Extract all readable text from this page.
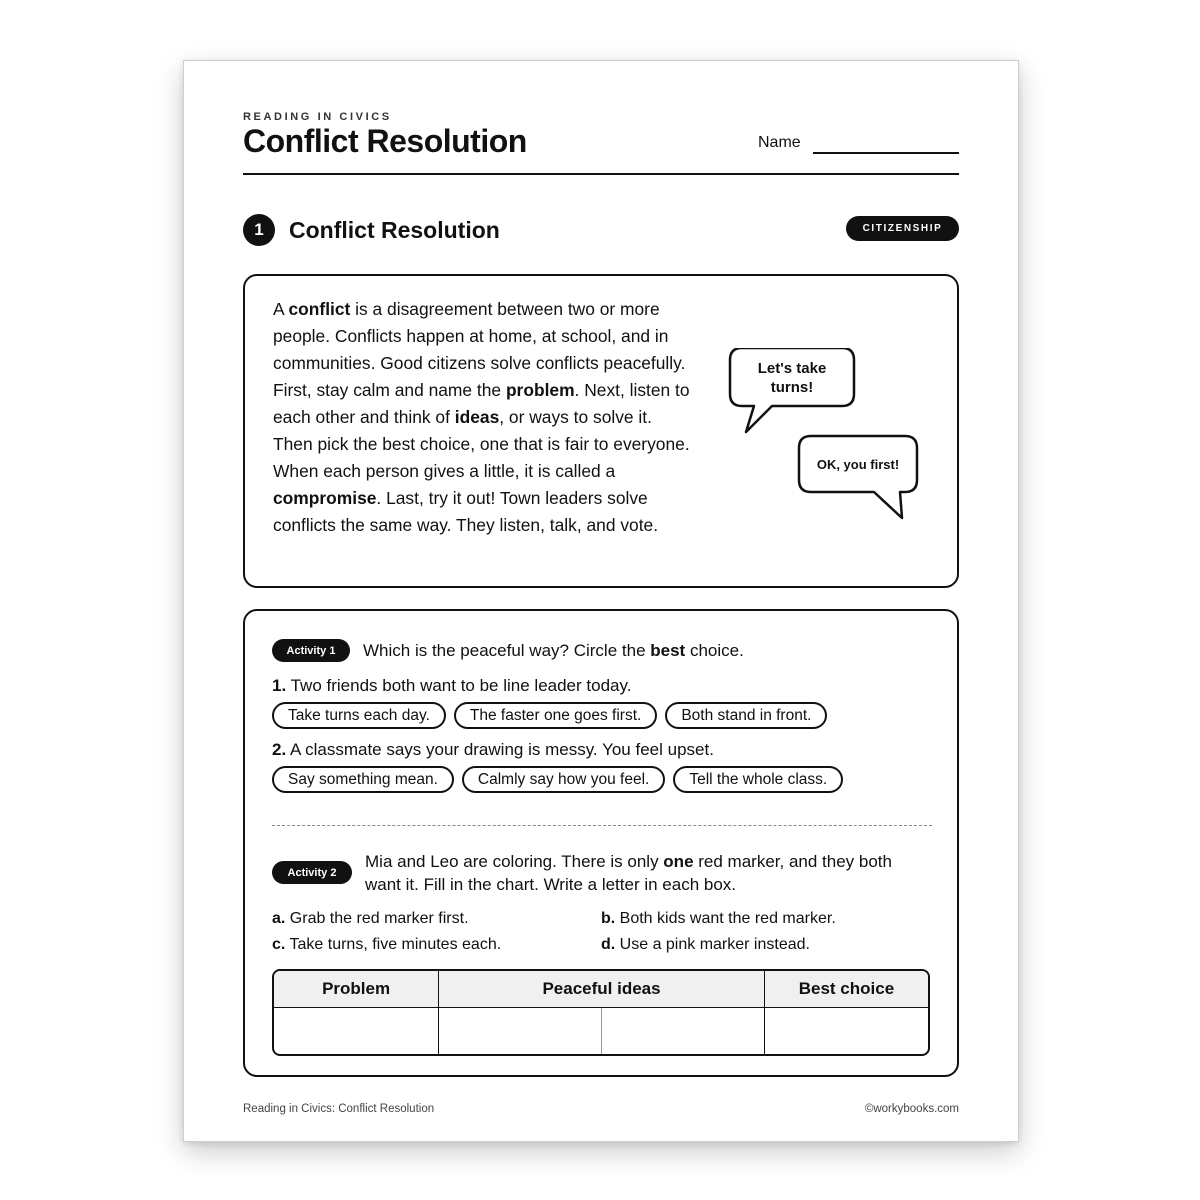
READING IN CIVICS
Conflict Resolution	Name
1	Conflict Resolution	CITIZENSHIP
A conflict is a disagreement between two or more people. Conflicts happen at home, at school, and in communities. Good citizens solve conflicts peacefully. First, stay calm and name the problem. Next, listen to each other and think of ideas, or ways to solve it. Then pick the best choice, one that is fair to everyone. When each person gives a little, it is called a compromise. Last, try it out! Town leaders solve conflicts the same way. They listen, talk, and vote.
Let's take
turns!
OK, you first!
Activity 1	Which is the peaceful way? Circle the best choice.
1. Two friends both want to be line leader today.
Take turns each day.	The faster one goes first.	Both stand in front.
2. A classmate says your drawing is messy. You feel upset.
Say something mean.	Calmly say how you feel.	Tell the whole class.
Activity 2
Mia and Leo are coloring. There is only one red marker, and they both want it. Fill in the chart. Write a letter in each box.
a. Grab the red marker first.	b. Both kids want the red marker.
c. Take turns, five minutes each.	d. Use a pink marker instead.
Problem	Peaceful ideas		Best choice

Reading in Civics: Conflict Resolution	©workybooks.com
